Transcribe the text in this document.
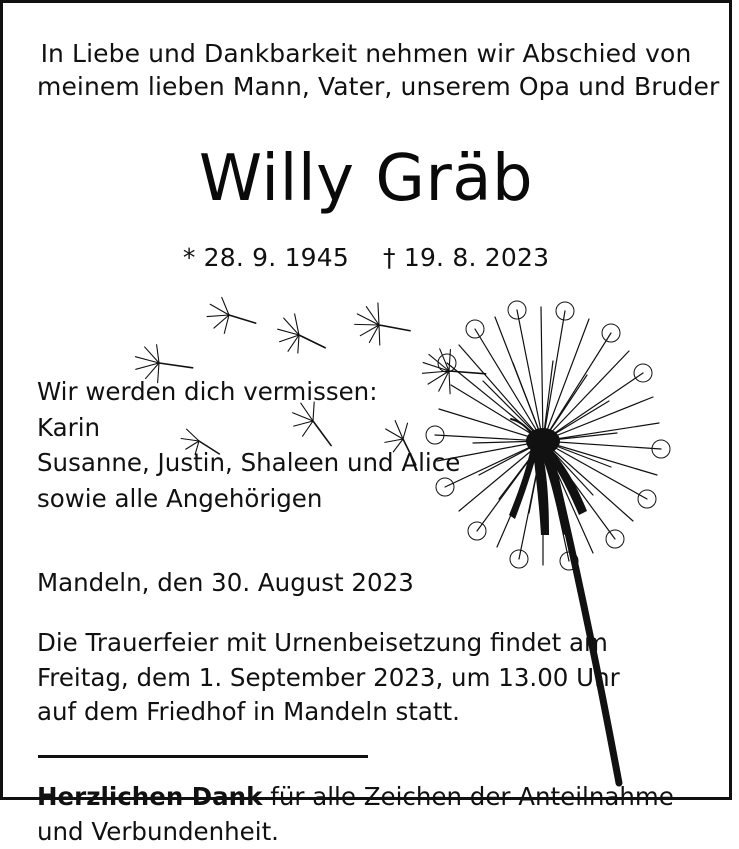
In Liebe und Dankbarkeit nehmen wir Abschied von
meinem lieben Mann, Vater, unserem Opa und Bruder
Willy Gräb
* 28. 9. 1945 † 19. 8. 2023
Wir werden dich vermissen:
Karin
Susanne, Justin, Shaleen und Alice
sowie alle Angehörigen
Mandeln, den 30. August 2023
Die Trauerfeier mit Urnenbeisetzung findet am
Freitag, dem 1. September 2023, um 13.00 Uhr
auf dem Friedhof in Mandeln statt.
Herzlichen Dank für alle Zeichen der Anteilnahme
und Verbundenheit.
